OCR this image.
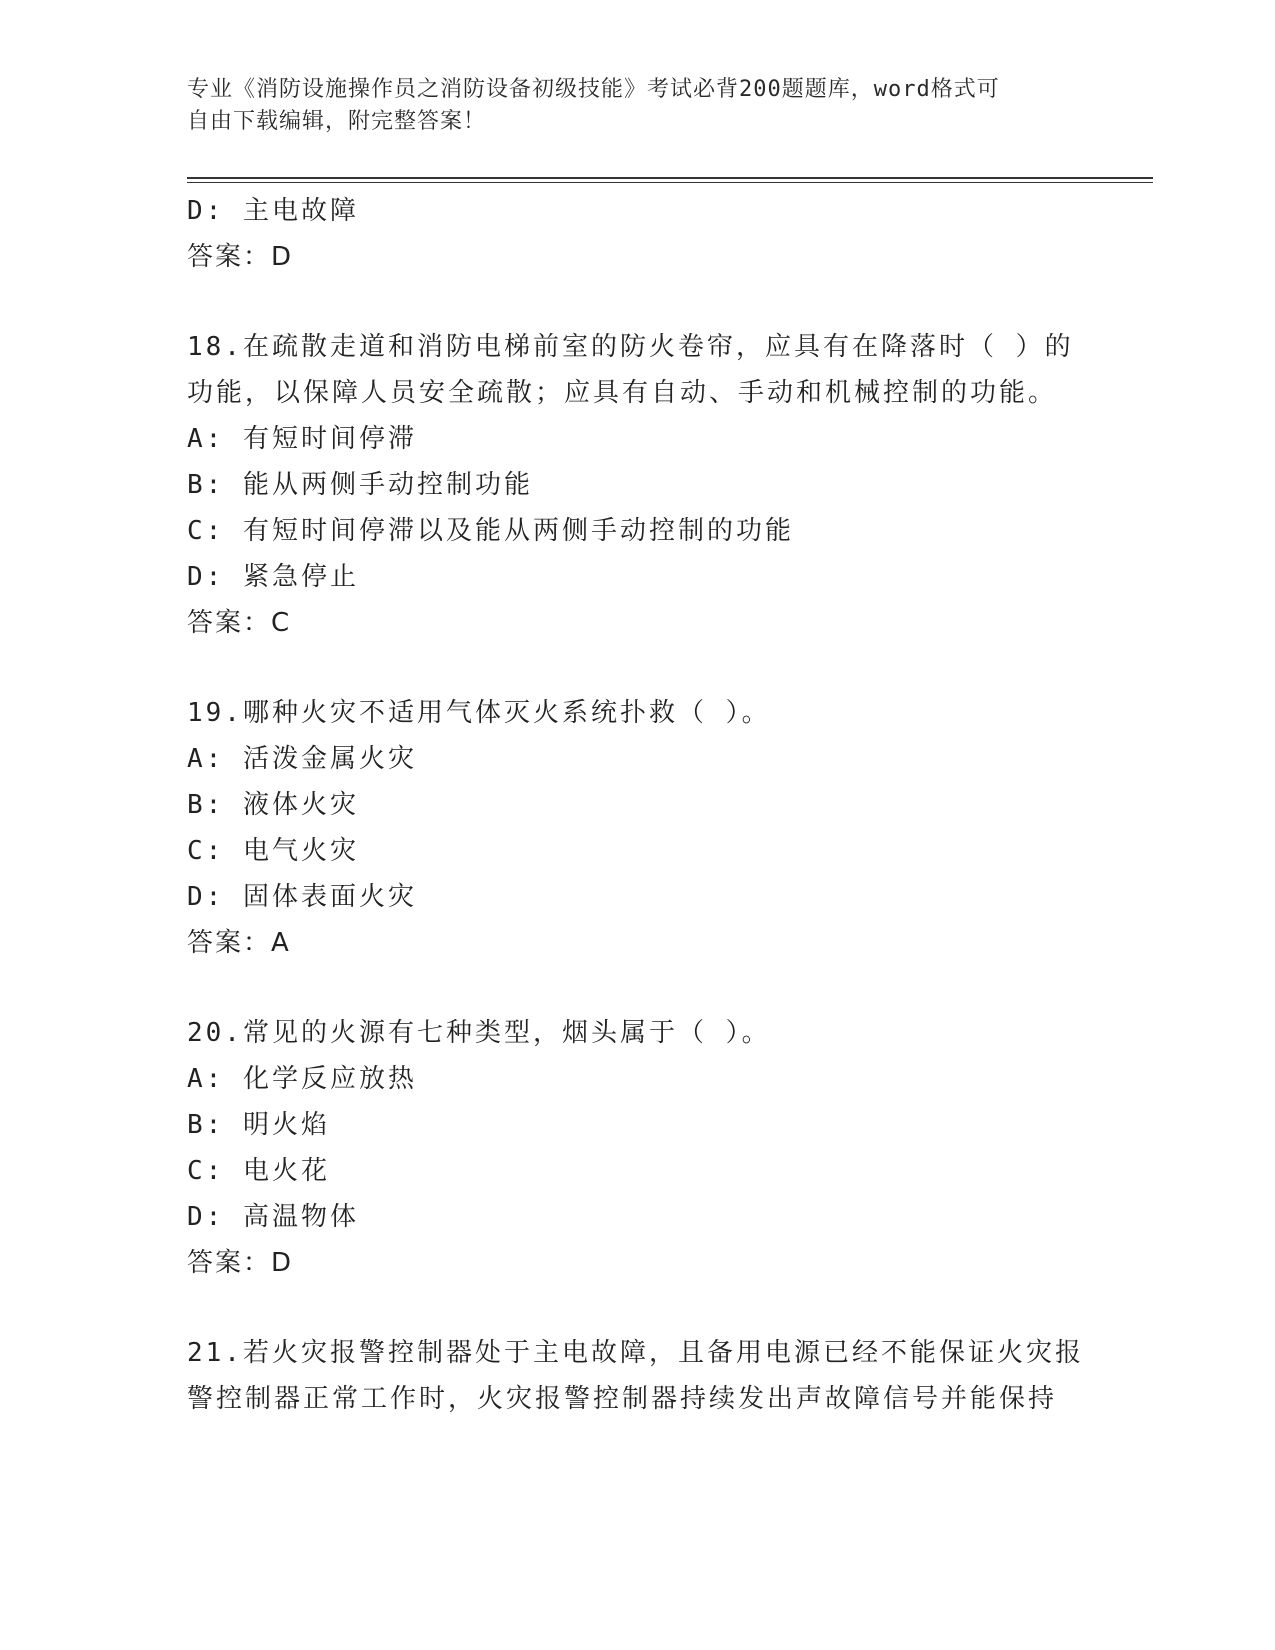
专业《消防设施操作员之消防设备初级技能》考试必背200题题库，word格式可
自由下载编辑，附完整答案！
D: 主电故障
答案：D
18.在疏散走道和消防电梯前室的防火卷帘，应具有在降落时（ ）的
功能，以保障人员安全疏散；应具有自动、手动和机械控制的功能。
A: 有短时间停滞
B: 能从两侧手动控制功能
C: 有短时间停滞以及能从两侧手动控制的功能
D: 紧急停止
答案：C
19.哪种火灾不适用气体灭火系统扑救（ ）。
A: 活泼金属火灾
B: 液体火灾
C: 电气火灾
D: 固体表面火灾
答案：A
20.常见的火源有七种类型，烟头属于（ ）。
A: 化学反应放热
B: 明火焰
C: 电火花
D: 高温物体
答案：D
21.若火灾报警控制器处于主电故障，且备用电源已经不能保证火灾报
警控制器正常工作时，火灾报警控制器持续发出声故障信号并能保持
